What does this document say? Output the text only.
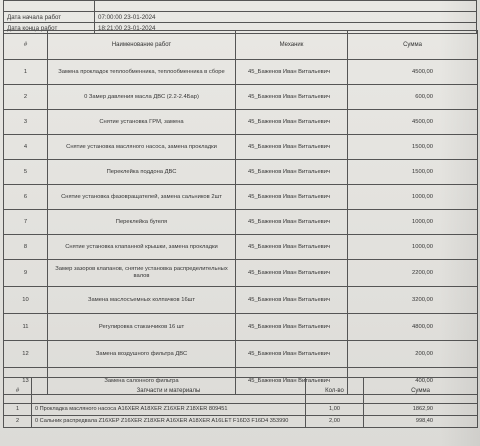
Дата начала работ	07:00:00 23-01-2024
Дата конца работ	18:21:00 23-01-2024
#	Наименование работ	Механик	Сумма
1	Замена прокладок теплообменника, теплообменника в сборе	45_Баженов Иван Витальевич	4500,00
2	0 Замер давления масла ДВС (2.2-2.4Бар)	45_Баженов Иван Витальевич	600,00
3	Снятие установка ГРМ, замена	45_Баженов Иван Витальевич	4500,00
4	Снятие установка масляного насоса, замена прокладки	45_Баженов Иван Витальевич	1500,00
5	Переклейка поддона ДВС	45_Баженов Иван Витальевич	1500,00
6	Снятие установка фазовращателей, замена сальников 2шт	45_Баженов Иван Витальевич	1000,00
7	Переклейка бугеля	45_Баженов Иван Витальевич	1000,00
8	Снятие установка клапанной крышки, замена прокладки	45_Баженов Иван Витальевич	1000,00
9	Замер зазоров клапанов, снятие установка распределительных валов	45_Баженов Иван Витальевич	2200,00
10	Замена маслосъемных колпачков 16шт	45_Баженов Иван Витальевич	3200,00
11	Регулировка стаканчиков 16 шт	45_Баженов Иван Витальевич	4800,00
12	Замена воздушного фильтра ДВС	45_Баженов Иван Витальевич	200,00
13	Замена салонного фильтра	45_Баженов Иван Витальевич	400,00
#	Запчасти и материалы	Кол-во	Сумма
1	0 Прокладка масляного насоса A16XER A18XER Z16XER Z18XER 809451	1,00	1862,90
2	0 Сальник распредвала Z16XEP Z16XER Z18XER A16XER A18XER A16LET F16D3 F16D4 353990	2,00	998,40
